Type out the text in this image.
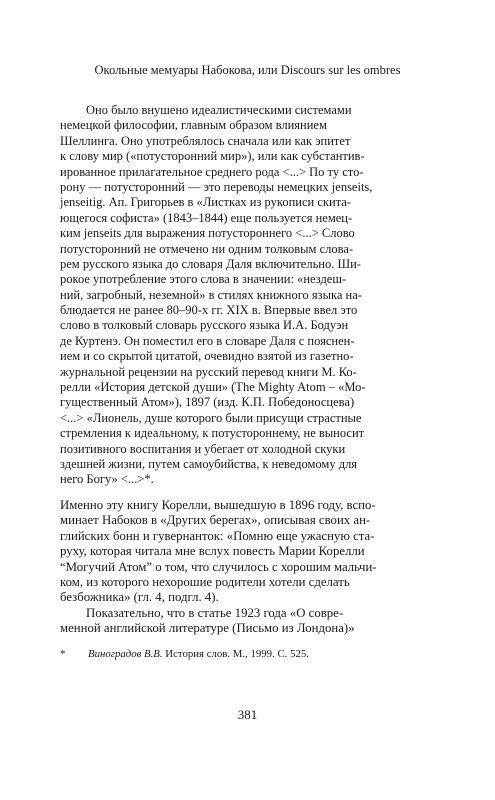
Окольные мемуары Набокова, или Discours sur les ombres
Оно было внушено идеалистическими системами
немецкой философии, главным образом влиянием
Шеллинга. Оно употреблялось сначала или как эпитет
к слову мир («потусторонний мир»), или как субстантив-
ированное прилагательное среднего рода <...> По ту сто-
рону — потусторонний — это переводы немецких jenseits,
jenseitig. Ап. Григорьев в «Листках из рукописи скита-
ющегося софиста» (1843–1844) еще пользуется немец-
ким jenseits для выражения потустороннего <...> Слово
потусторонний не отмечено ни одним толковым слова-
рем русского языка до словаря Даля включительно. Ши-
рокое употребление этого слова в значении: «нездеш-
ний, загробный, неземной» в стилях книжного языка на-
блюдается не ранее 80–90-х гг. XIX в. Впервые ввел это
слово в толковый словарь русского языка И.А. Бодуэн
де Куртенэ. Он поместил его в словаре Даля с пояснен-
ием и со скрытой цитатой, очевидно взятой из газетно-
журнальной рецензии на русский перевод книги М. Ко-
релли «История детской души» (The Mighty Atom – «Мо-
гущественный Атом»), 1897 (изд. К.П. Победоносцева)
<...> «Лионель, душе которого были присущи страстные
стремления к идеальному, к потустороннему, не выносит
позитивного воспитания и убегает от холодной скуки
здешней жизни, путем самоубийства, к неведомому для
него Богу» <...>*.
Именно эту книгу Корелли, вышедшую в 1896 году, вспо-
минает Набоков в «Других берегах», описывая своих ан-
глийских бонн и гувернанток: «Помню еще ужасную ста-
руху, которая читала мне вслух повесть Марии Корелли
“Могучий Атом” о том, что случилось с хорошим мальчи-
ком, из которого нехорошие родители хотели сделать
безбожника» (гл. 4, подгл. 4).
Показательно, что в статье 1923 года «О совре-
менной английской литературе (Письмо из Лондона)»
* Виноградов В.В. История слов. М., 1999. С. 525.
381
